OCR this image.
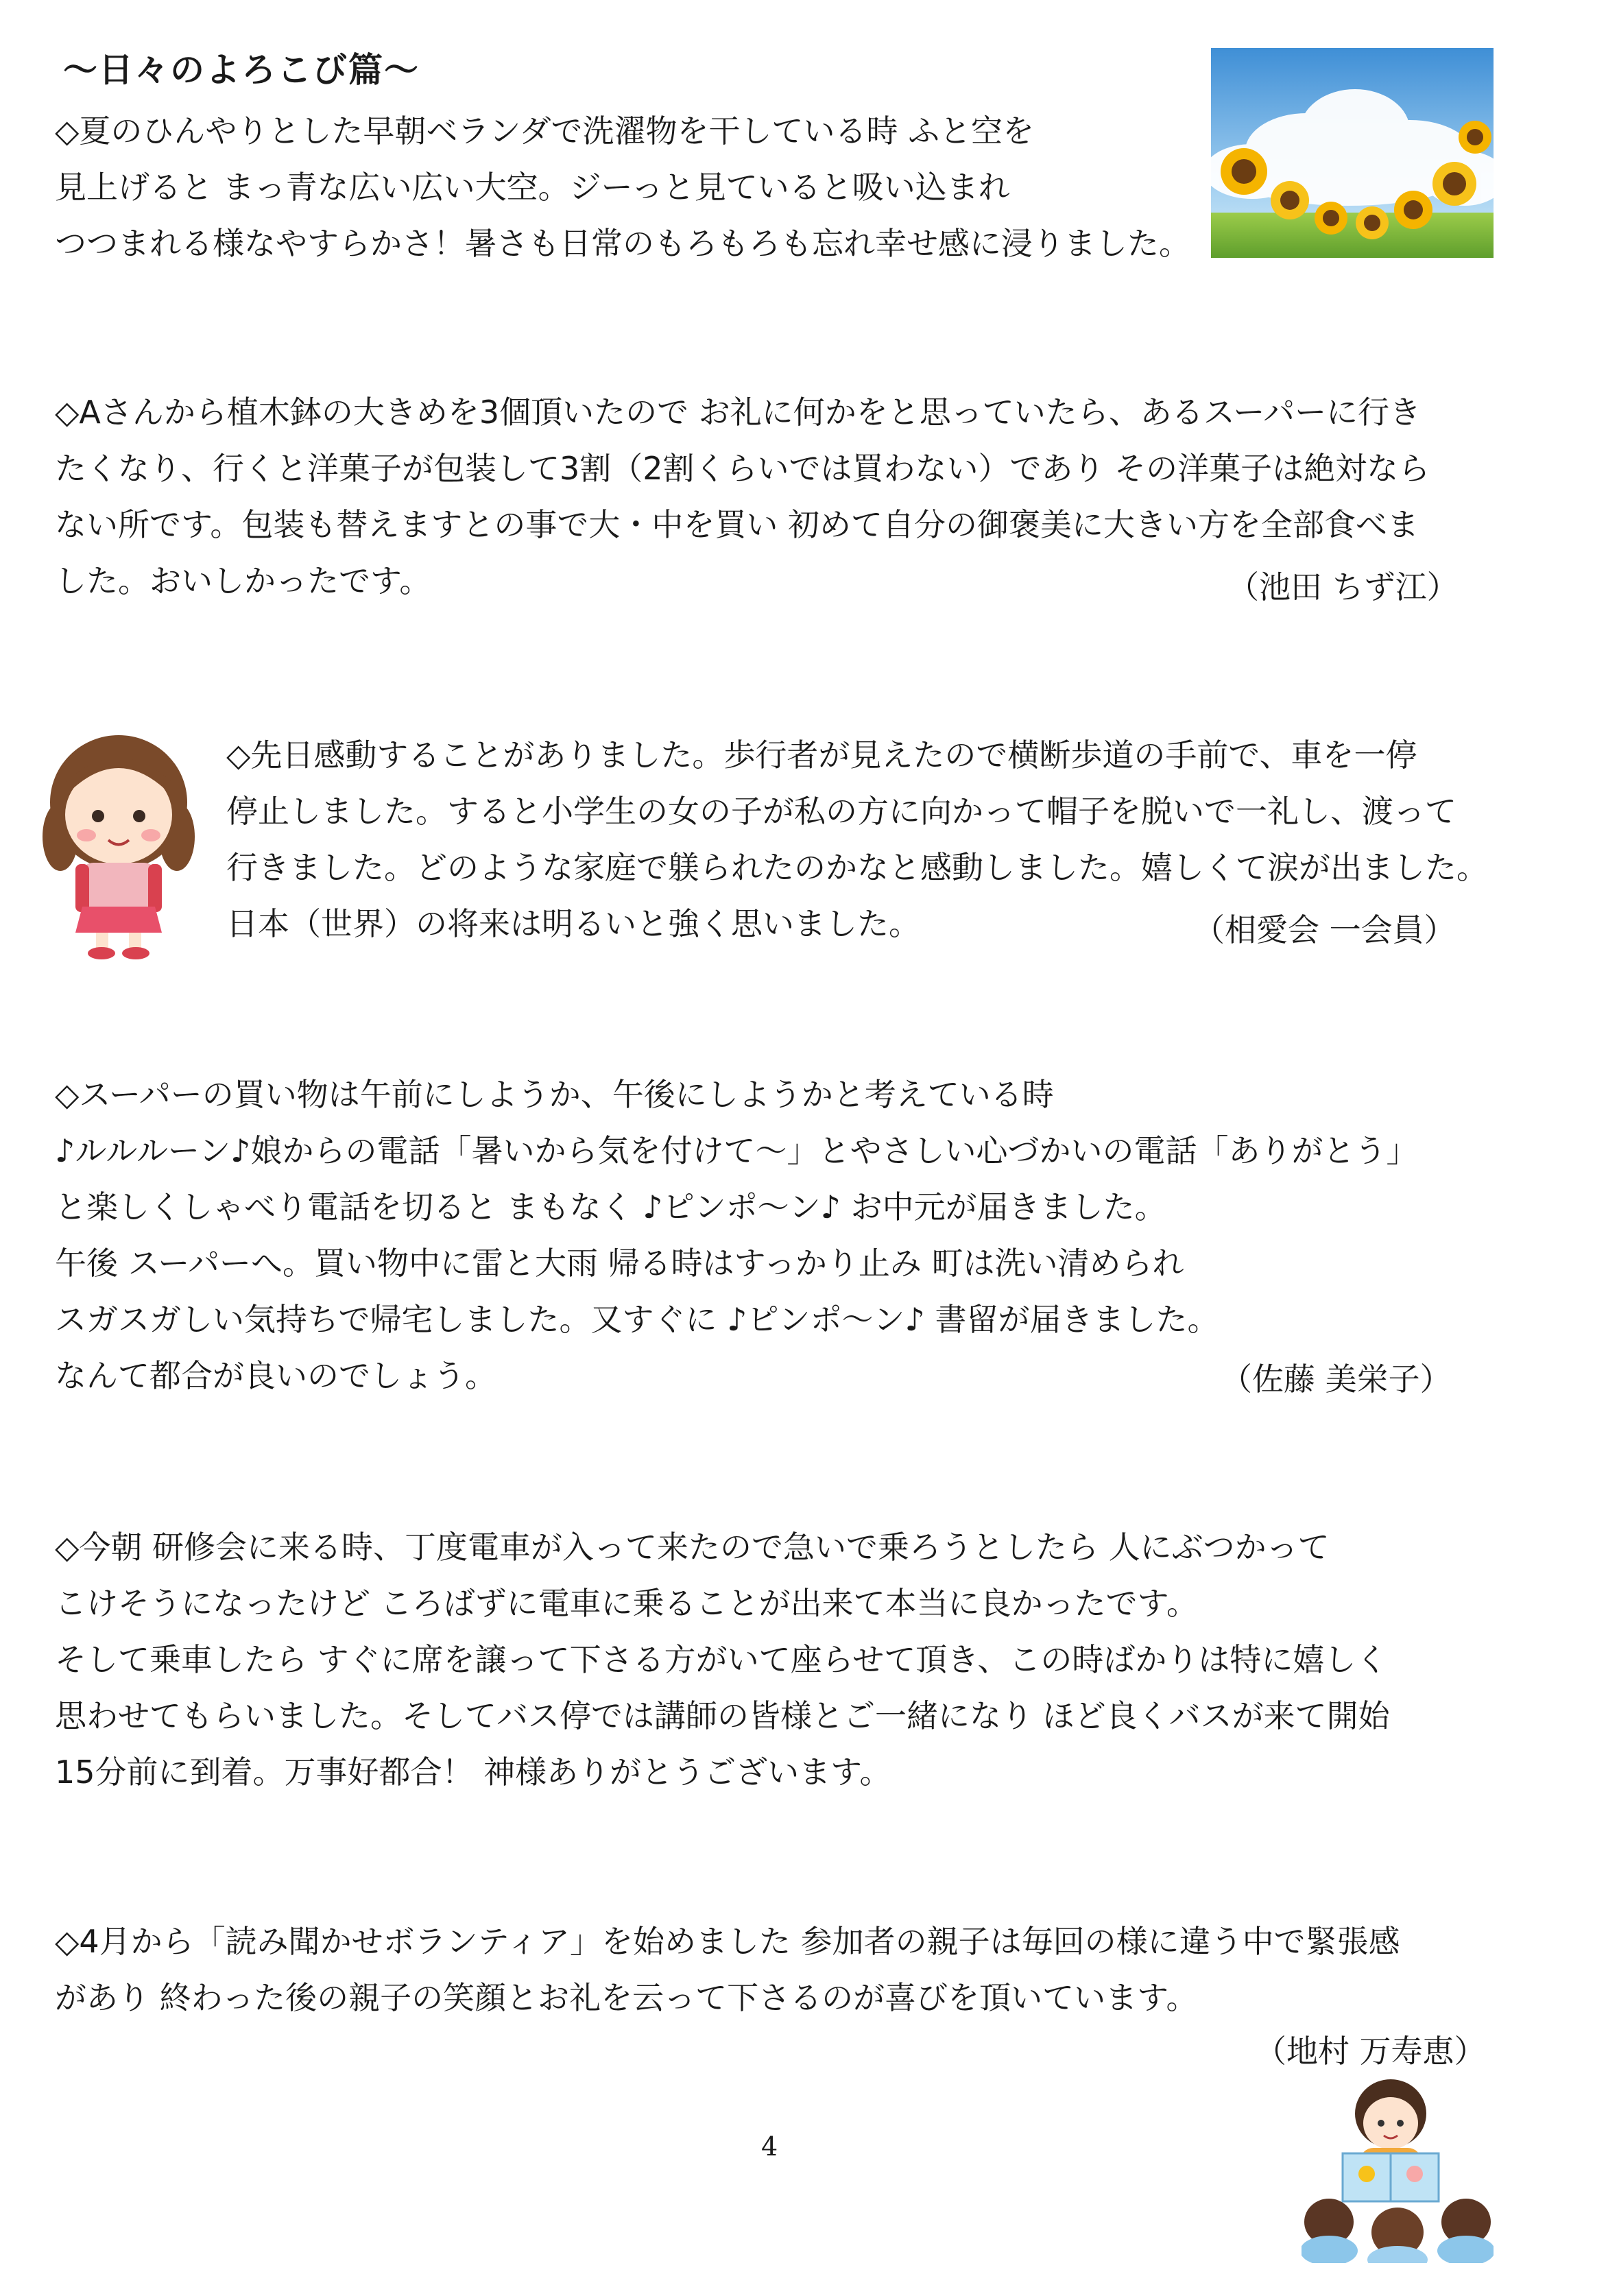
～日々のよろこび篇～
◇夏のひんやりとした早朝ベランダで洗濯物を干している時 ふと空を
見上げると まっ青な広い広い大空。ジーっと見ていると吸い込まれ
つつまれる様なやすらかさ！暑さも日常のもろもろも忘れ幸せ感に浸りました。
◇Aさんから植木鉢の大きめを3個頂いたので お礼に何かをと思っていたら、あるスーパーに行き
たくなり、行くと洋菓子が包装して3割（2割くらいでは買わない）であり その洋菓子は絶対なら
ない所です。包装も替えますとの事で大・中を買い 初めて自分の御褒美に大きい方を全部食べま
した。おいしかったです。	（池田 ちず江）
◇先日感動することがありました。歩行者が見えたので横断歩道の手前で、車を一停
停止しました。すると小学生の女の子が私の方に向かって帽子を脱いで一礼し、渡って
行きました。どのような家庭で躾られたのかなと感動しました。嬉しくて涙が出ました。
日本（世界）の将来は明るいと強く思いました。	（相愛会 一会員）
◇スーパーの買い物は午前にしようか、午後にしようかと考えている時
♪ルルルーン♪娘からの電話「暑いから気を付けて～」とやさしい心づかいの電話「ありがとう」
と楽しくしゃべり電話を切ると まもなく ♪ピンポ～ン♪ お中元が届きました。
午後 スーパーへ。買い物中に雷と大雨 帰る時はすっかり止み 町は洗い清められ
スガスガしい気持ちで帰宅しました。又すぐに ♪ピンポ～ン♪ 書留が届きました。
なんて都合が良いのでしょう。	（佐藤 美栄子）
◇今朝 研修会に来る時、丁度電車が入って来たので急いで乗ろうとしたら 人にぶつかって
こけそうになったけど ころばずに電車に乗ることが出来て本当に良かったです。
そして乗車したら すぐに席を譲って下さる方がいて座らせて頂き、この時ばかりは特に嬉しく
思わせてもらいました。そしてバス停では講師の皆様とご一緒になり ほど良くバスが来て開始
15分前に到着。万事好都合！ 神様ありがとうございます。
◇4月から「読み聞かせボランティア」を始めました 参加者の親子は毎回の様に違う中で緊張感
があり 終わった後の親子の笑顔とお礼を云って下さるのが喜びを頂いています。
（地村 万寿恵）
4
